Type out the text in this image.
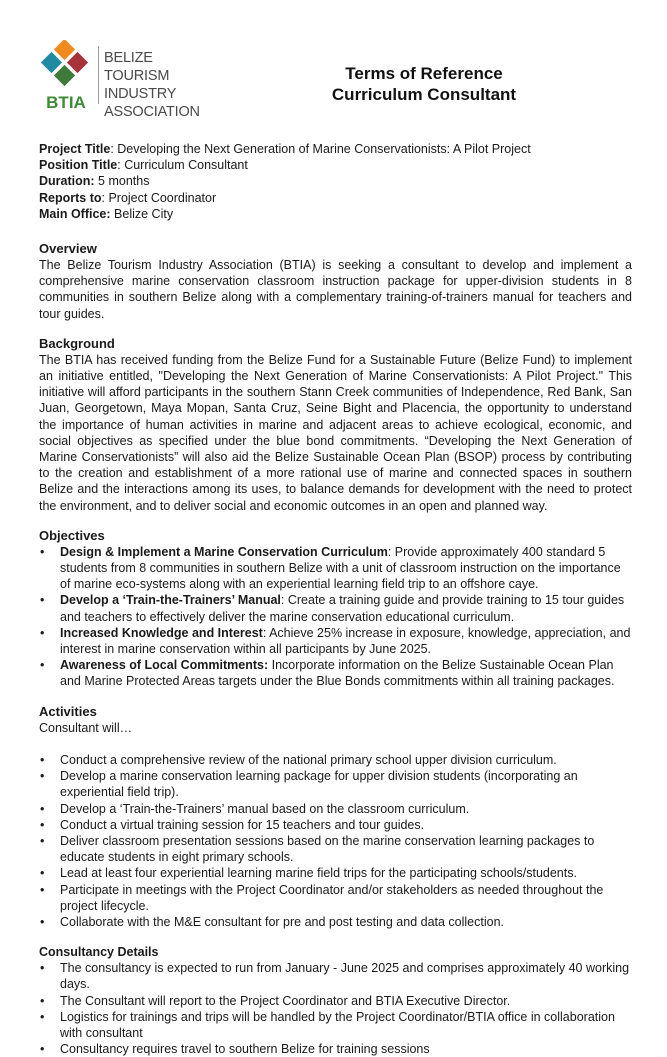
BTIA
BELIZE TOURISM
INDUSTRY
ASSOCIATION
Terms of Reference
Curriculum Consultant
Project Title: Developing the Next Generation of Marine Conservationists: A Pilot Project
Position Title: Curriculum Consultant
Duration: 5 months
Reports to: Project Coordinator
Main Office: Belize City
Overview

The Belize Tourism Industry Association (BTIA) is seeking a consultant to develop and implement a comprehensive marine conservation classroom instruction package for upper-division students in 8 communities in southern Belize along with a complementary training-of-trainers manual for teachers and tour guides.

Background

The BTIA has received funding from the Belize Fund for a Sustainable Future (Belize Fund) to implement an initiative entitled, "Developing the Next Generation of Marine Conservationists: A Pilot Project." This initiative will afford participants in the southern Stann Creek communities of Independence, Red Bank, San Juan, Georgetown, Maya Mopan, Santa Cruz, Seine Bight and Placencia, the opportunity to understand the importance of human activities in marine and adjacent areas to achieve ecological, economic, and social objectives as specified under the blue bond commitments. “Developing the Next Generation of Marine Conservationists” will also aid the Belize Sustainable Ocean Plan (BSOP) process by contributing to the creation and establishment of a more rational use of marine and connected spaces in southern Belize and the interactions among its uses, to balance demands for development with the need to protect the environment, and to deliver social and economic outcomes in an open and planned way.

Objectives
• Design & Implement a Marine Conservation Curriculum: Provide approximately 400 standard 5 students from 8 communities in southern Belize with a unit of classroom instruction on the importance of marine eco-systems along with an experiential learning field trip to an offshore caye.
• Develop a ‘Train-the-Trainers’ Manual: Create a training guide and provide training to 15 tour guides and teachers to effectively deliver the marine conservation educational curriculum.
• Increased Knowledge and Interest: Achieve 25% increase in exposure, knowledge, appreciation, and interest in marine conservation within all participants by June 2025.
• Awareness of Local Commitments: Incorporate information on the Belize Sustainable Ocean Plan and Marine Protected Areas targets under the Blue Bonds commitments within all training packages.
Activities
Consultant will…
• Conduct a comprehensive review of the national primary school upper division curriculum.
• Develop a marine conservation learning package for upper division students (incorporating an experiential field trip).
• Develop a ‘Train-the-Trainers’ manual based on the classroom curriculum.
• Conduct a virtual training session for 15 teachers and tour guides.
• Deliver classroom presentation sessions based on the marine conservation learning packages to educate students in eight primary schools.
• Lead at least four experiential learning marine field trips for the participating schools/students.
• Participate in meetings with the Project Coordinator and/or stakeholders as needed throughout the project lifecycle.
• Collaborate with the M&E consultant for pre and post testing and data collection.
Consultancy Details
• The consultancy is expected to run from January - June 2025 and comprises approximately 40 working days.
• The Consultant will report to the Project Coordinator and BTIA Executive Director.
• Logistics for trainings and trips will be handled by the Project Coordinator/BTIA office in collaboration with consultant
• Consultancy requires travel to southern Belize for training sessions
